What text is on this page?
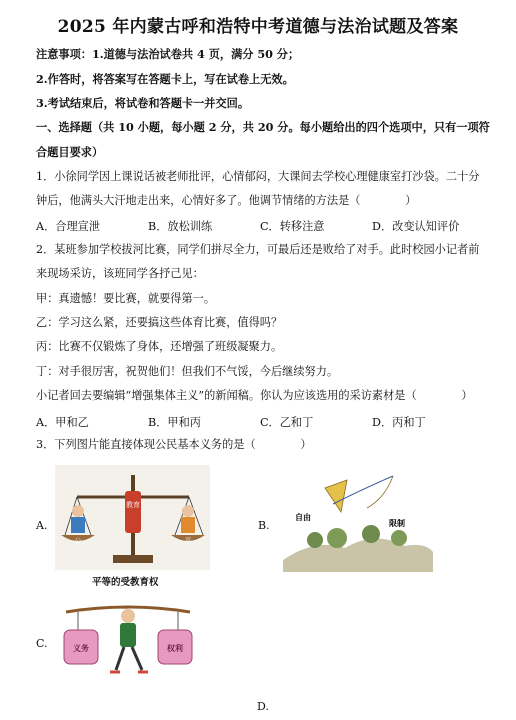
2025 年内蒙古呼和浩特中考道德与法治试题及答案
注意事项：1.道德与法治试卷共 4 页，满分 50 分；
2.作答时，将答案写在答题卡上，写在试卷上无效。
3.考试结束后，将试卷和答题卡一并交回。
一、选择题（共 10 小题，每小题 2 分，共 20 分。每小题给出的四个选项中，只有一项符
合题目要求）
1．小徐同学因上课说话被老师批评，心情郁闷，大课间去学校心理健康室打沙袋。二十分
钟后，他满头大汗地走出来，心情好多了。他调节情绪的方法是（　　　　）
A．合理宣泄	B．放松训练	C．转移注意	D．改变认知评价
2．某班参加学校拔河比赛，同学们拼尽全力，可最后还是败给了对手。此时校园小记者前
来现场采访，该班同学各抒己见：
甲：真遗憾！要比赛，就要得第一。
乙：学习这么紧，还要搞这些体育比赛，值得吗？
丙：比赛不仅锻炼了身体，还增强了班级凝聚力。
丁：对手很厉害，祝贺他们！但我们不气馁，今后继续努力。
小记者回去要编辑“增强集体主义”的新闻稿。你认为应该选用的采访素材是（　　　　）
A．甲和乙	B．甲和丙	C．乙和丁	D．丙和丁
3．下列图片能直接体现公民基本义务的是（　　　　）
A.
教育
公	平
平等的受教育权
B.
自由
限制
C.	义务	权利
D.
